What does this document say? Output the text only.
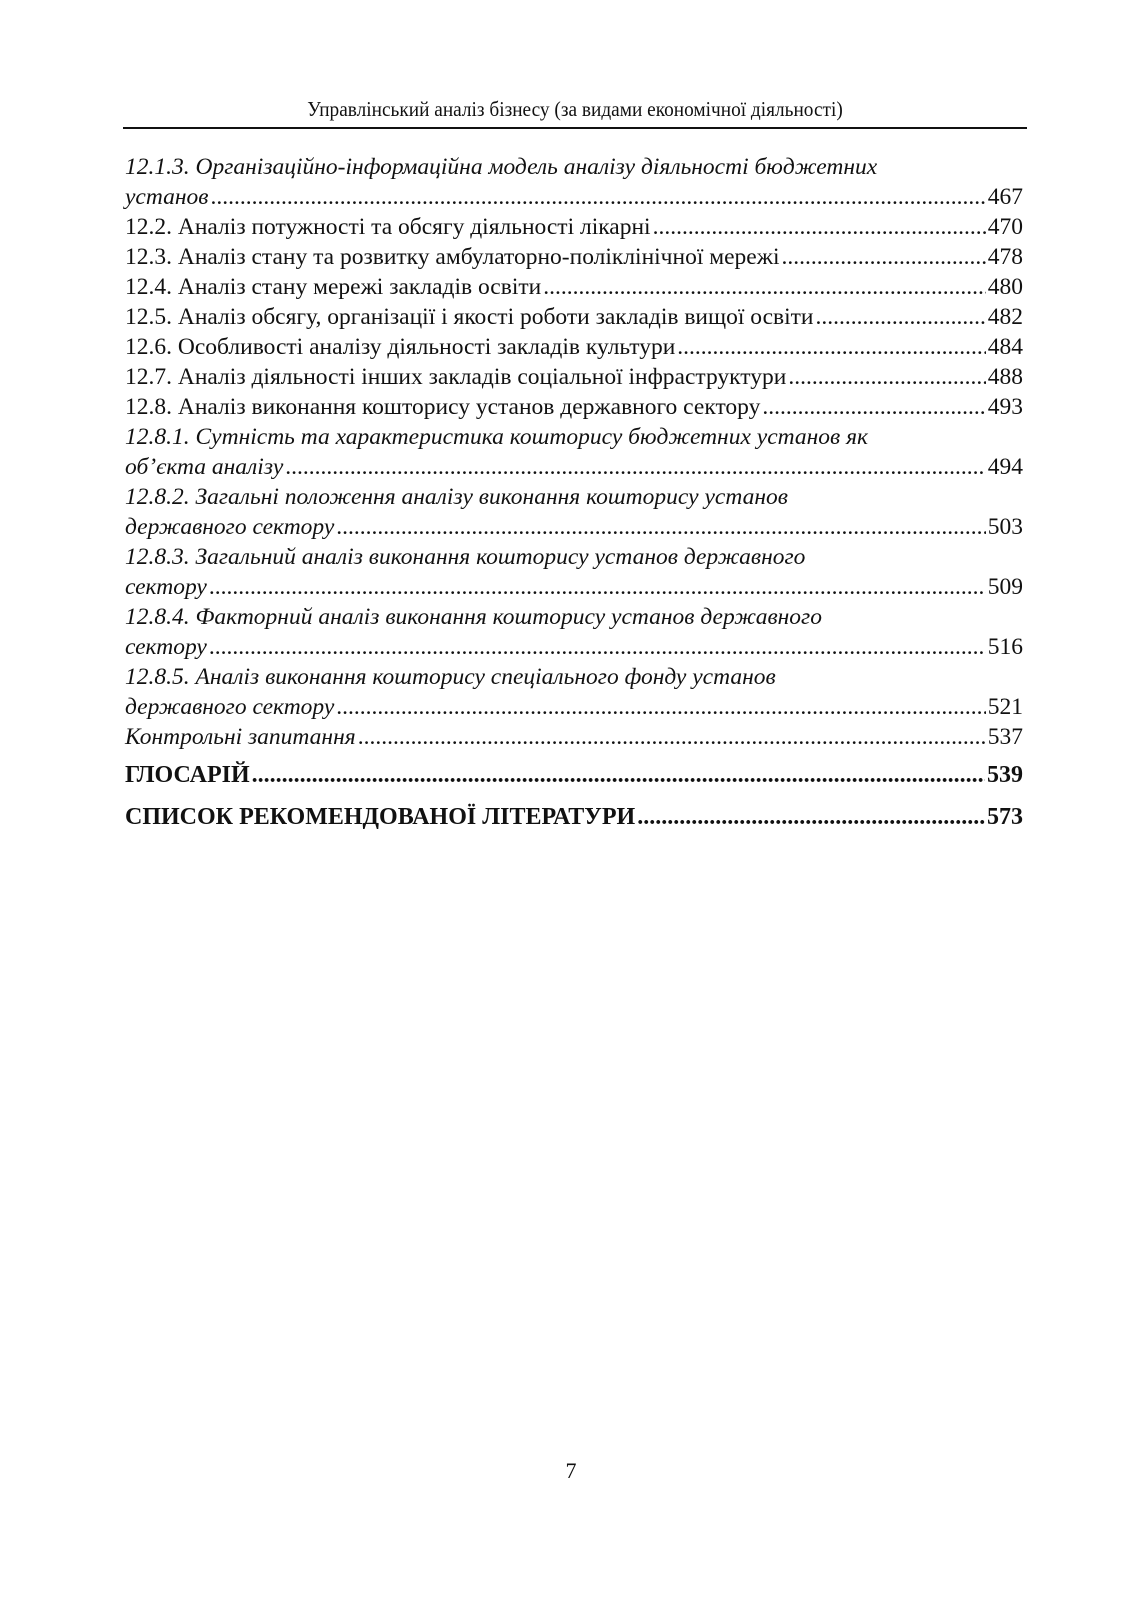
Управлінський аналіз бізнесу (за видами економічної діяльності)
12.1.3. Організаційно-інформаційна модель аналізу діяльності бюджетних
установ .....	467
12.2. Аналіз потужності та обсягу діяльності лікарні .....	470
12.3. Аналіз стану та розвитку амбулаторно-поліклінічної мережі .....	478
12.4. Аналіз стану мережі закладів освіти .....	480
12.5. Аналіз обсягу, організації і якості роботи закладів вищої освіти .....	482
12.6. Особливості аналізу діяльності закладів культури .....	484
12.7. Аналіз діяльності інших закладів соціальної інфраструктури .....	488
12.8. Аналіз виконання кошторису установ державного сектору .....	493
12.8.1. Сутність та характеристика кошторису бюджетних установ як
об’єкта аналізу .....	494
12.8.2. Загальні положення аналізу виконання кошторису установ
державного сектору .....	503
12.8.3. Загальний аналіз виконання кошторису установ державного
сектору .....	509
12.8.4. Факторний аналіз виконання кошторису установ державного
сектору .....	516
12.8.5. Аналіз виконання кошторису спеціального фонду установ
державного сектору .....	521
Контрольні запитання .....	537
ГЛОСАРІЙ .....	539
СПИСОК РЕКОМЕНДОВАНОЇ ЛІТЕРАТУРИ .....	573
7
